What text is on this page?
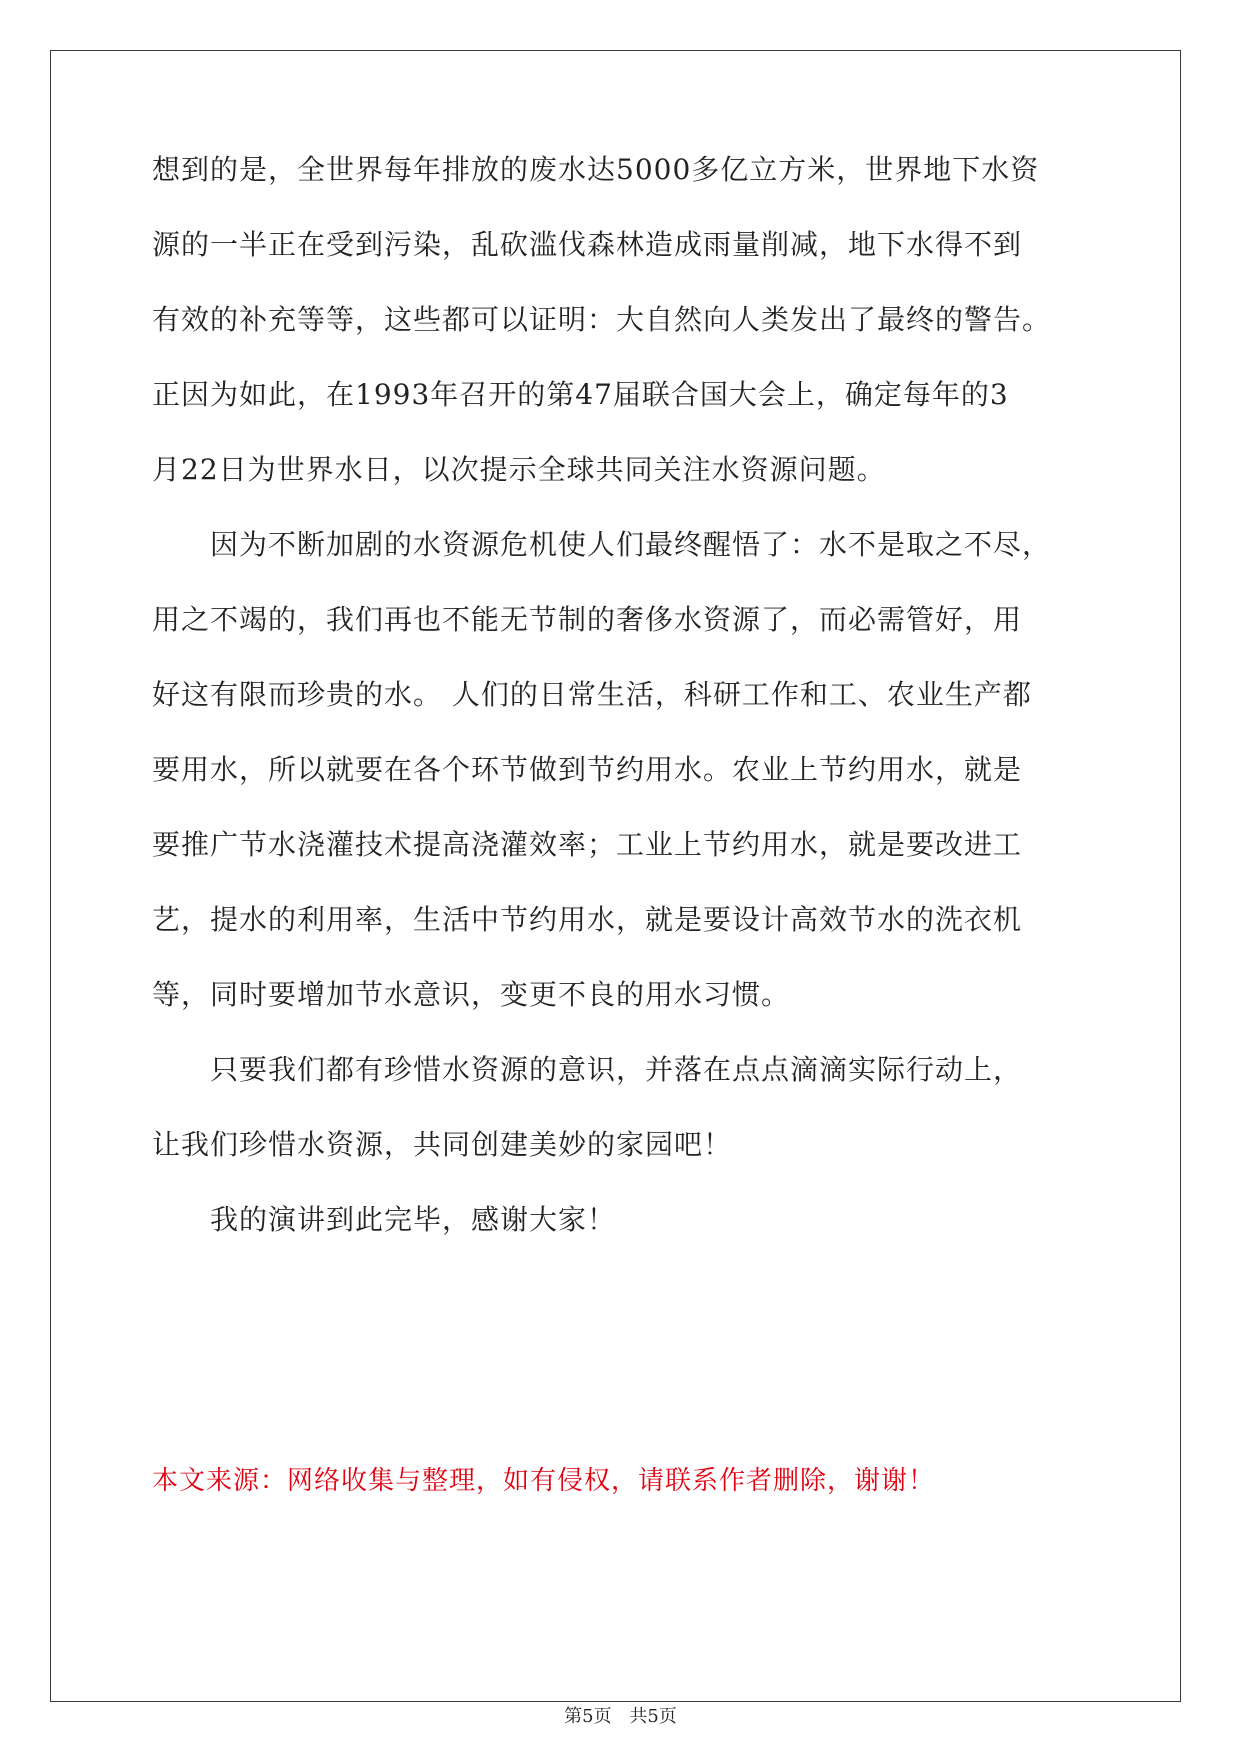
想到的是，全世界每年排放的废水达5000多亿立方米，世界地下水资
源的一半正在受到污染，乱砍滥伐森林造成雨量削减，地下水得不到
有效的补充等等，这些都可以证明：大自然向人类发出了最终的警告。
正因为如此，在1993年召开的第47届联合国大会上，确定每年的3
月22日为世界水日，以次提示全球共同关注水资源问题。
　　因为不断加剧的水资源危机使人们最终醒悟了：水不是取之不尽，
用之不竭的，我们再也不能无节制的奢侈水资源了，而必需管好，用
好这有限而珍贵的水。 人们的日常生活，科研工作和工、农业生产都
要用水，所以就要在各个环节做到节约用水。农业上节约用水，就是
要推广节水浇灌技术提高浇灌效率；工业上节约用水，就是要改进工
艺，提水的利用率，生活中节约用水，就是要设计高效节水的洗衣机
等，同时要增加节水意识，变更不良的用水习惯。
　　只要我们都有珍惜水资源的意识，并落在点点滴滴实际行动上，
让我们珍惜水资源，共同创建美妙的家园吧！
　　我的演讲到此完毕，感谢大家！
本文来源：网络收集与整理，如有侵权，请联系作者删除，谢谢！
第5页 共5页
